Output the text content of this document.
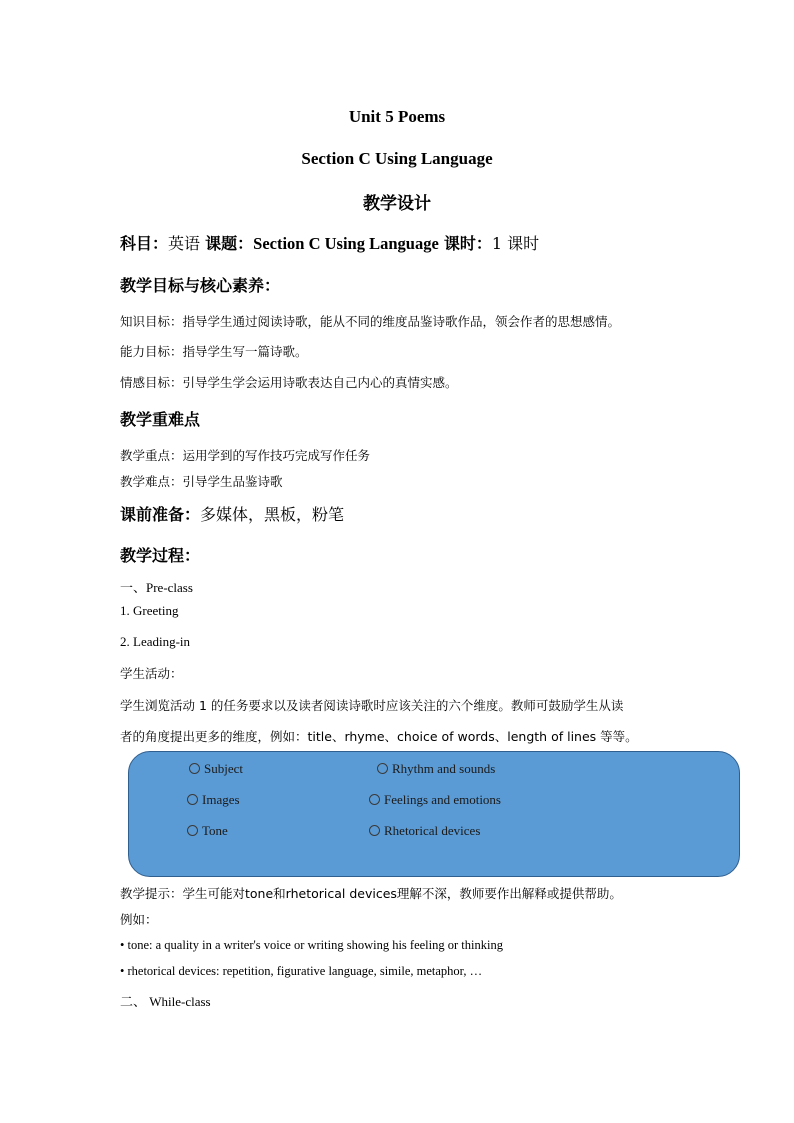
Unit 5 Poems
Section C Using Language
教学设计
科目：英语 课题：Section C Using Language 课时：1 课时
教学目标与核心素养：
知识目标：指导学生通过阅读诗歌，能从不同的维度品鉴诗歌作品，领会作者的思想感情。
能力目标：指导学生写一篇诗歌。
情感目标：引导学生学会运用诗歌表达自己内心的真情实感。
教学重难点
教学重点：运用学到的写作技巧完成写作任务
教学难点：引导学生品鉴诗歌
课前准备：多媒体，黑板，粉笔
教学过程：
一、Pre-class
1. Greeting
2. Leading-in
学生活动：
学生浏览活动 1 的任务要求以及读者阅读诗歌时应该关注的六个维度。教师可鼓励学生从读
者的角度提出更多的维度，例如：title、rhyme、choice of words、length of lines 等等。
Subject	Rhythm and sounds
Images	Feelings and emotions
Tone	Rhetorical devices
教学提示：学生可能对tone和rhetorical devices理解不深，教师要作出解释或提供帮助。
例如：
• tone: a quality in a writer's voice or writing showing his feeling or thinking
• rhetorical devices: repetition, figurative language, simile, metaphor, …
二、 While-class
